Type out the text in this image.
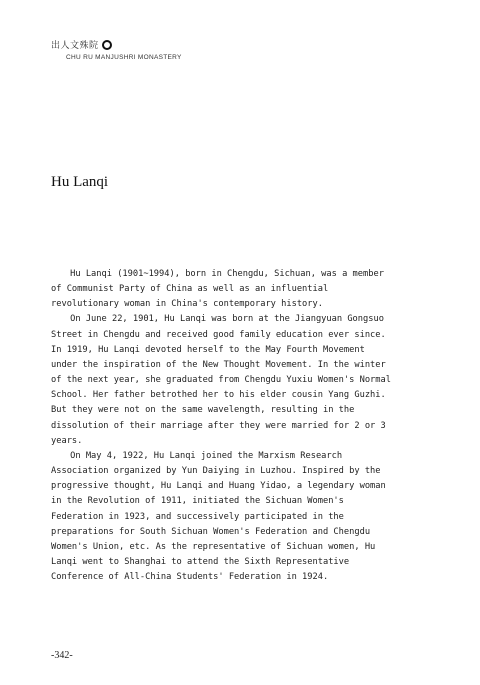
出人文殊院
CHU RU MANJUSHRI MONASTERY
Hu Lanqi

Hu Lanqi (1901~1994), born in Chengdu, Sichuan, was a member of Communist Party of China as well as an influential revolutionary woman in China's contemporary history.

On June 22, 1901, Hu Lanqi was born at the Jiangyuan Gongsuo Street in Chengdu and received good family education ever since. In 1919, Hu Lanqi devoted herself to the May Fourth Movement under the inspiration of the New Thought Movement. In the winter of the next year, she graduated from Chengdu Yuxiu Women's Normal School. Her father betrothed her to his elder cousin Yang Guzhi. But they were not on the same wavelength, resulting in the dissolution of their marriage after they were married for 2 or 3 years.

On May 4, 1922, Hu Lanqi joined the Marxism Research Association organized by Yun Daiying in Luzhou. Inspired by the progressive thought, Hu Lanqi and Huang Yidao, a legendary woman in the Revolution of 1911, initiated the Sichuan Women's Federation in 1923, and successively participated in the preparations for South Sichuan Women's Federation and Chengdu Women's Union, etc. As the representative of Sichuan women, Hu Lanqi went to Shanghai to attend the Sixth Representative Conference of All-China Students' Federation in 1924.

-342-
